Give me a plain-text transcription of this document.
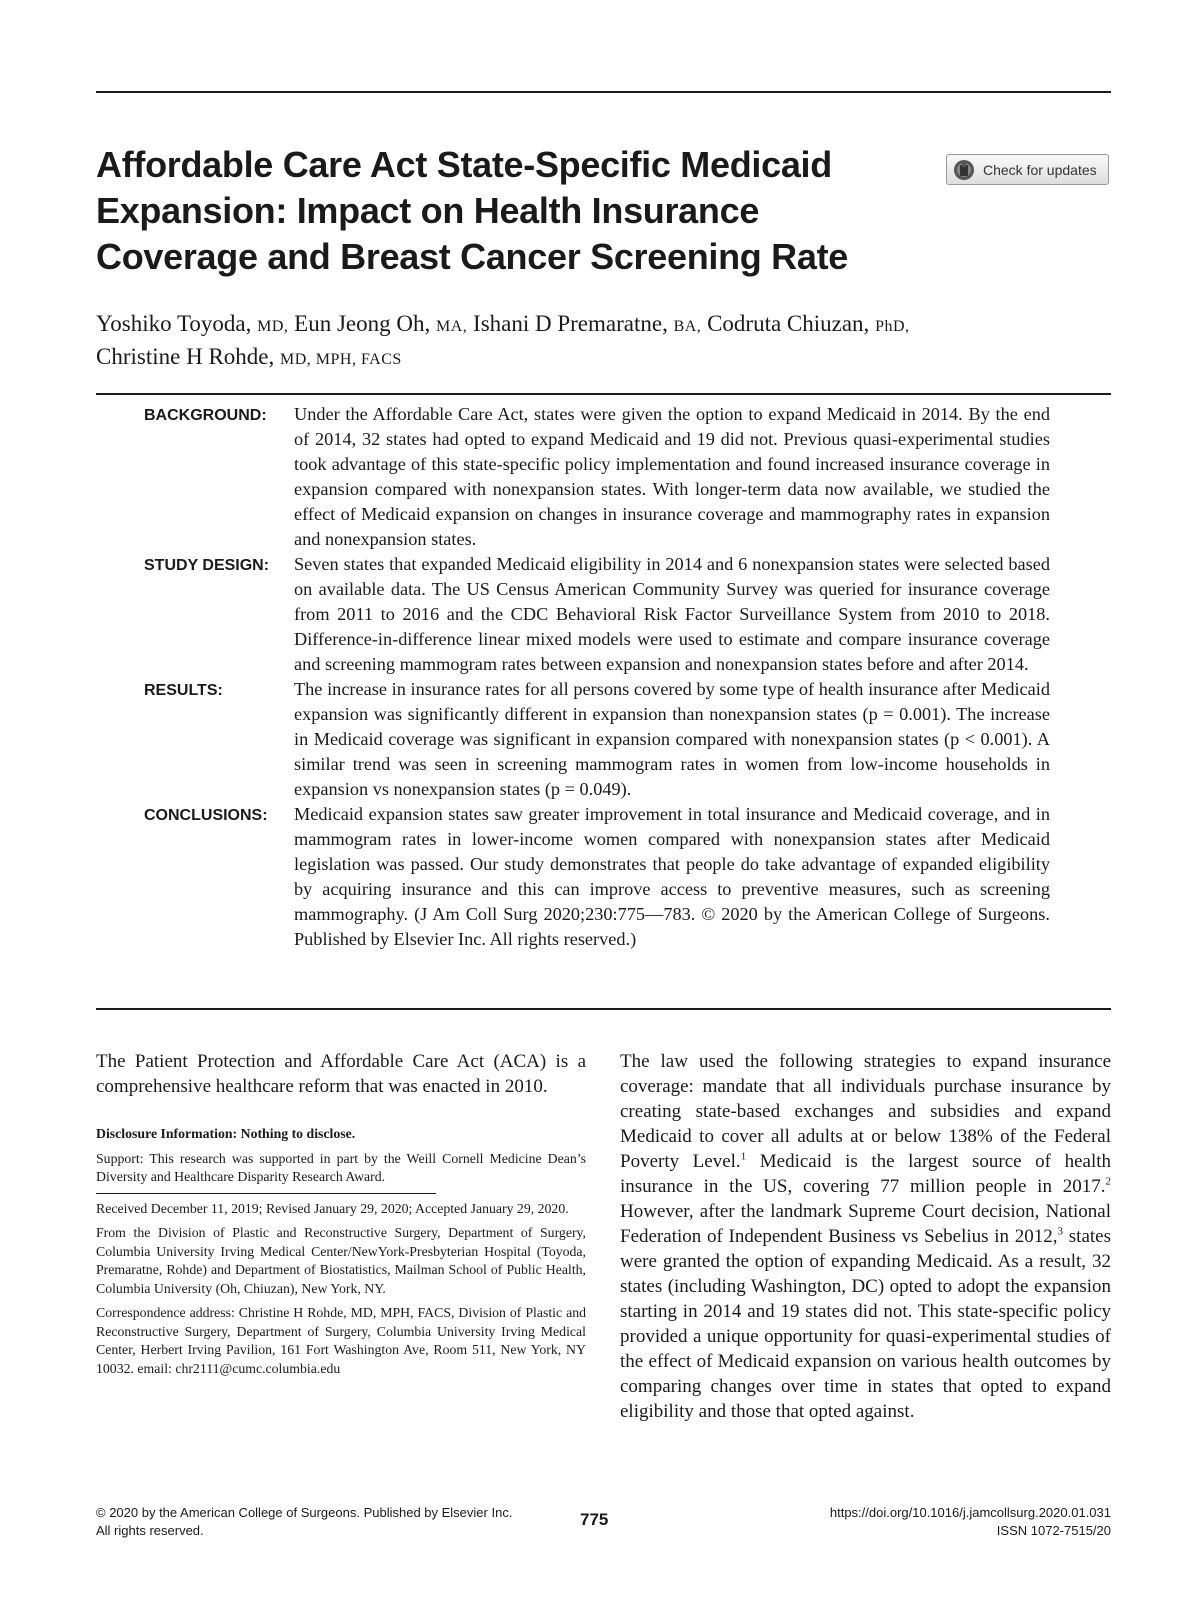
Affordable Care Act State-Specific Medicaid Expansion: Impact on Health Insurance Coverage and Breast Cancer Screening Rate
Check for updates
Yoshiko Toyoda, MD, Eun Jeong Oh, MA, Ishani D Premaratne, BA, Codruta Chiuzan, PhD,
Christine H Rohde, MD, MPH, FACS
BACKGROUND:	Under the Affordable Care Act, states were given the option to expand Medicaid in 2014. By the end of 2014, 32 states had opted to expand Medicaid and 19 did not. Previous quasi-experimental studies took advantage of this state-specific policy implementation and found increased insurance coverage in expansion compared with nonexpansion states. With longer-term data now available, we studied the effect of Medicaid expansion on changes in insurance coverage and mammography rates in expansion and nonexpansion states.
STUDY DESIGN:	Seven states that expanded Medicaid eligibility in 2014 and 6 nonexpansion states were selected based on available data. The US Census American Community Survey was queried for insurance coverage from 2011 to 2016 and the CDC Behavioral Risk Factor Surveillance System from 2010 to 2018. Difference-in-difference linear mixed models were used to estimate and compare insurance coverage and screening mammogram rates between expansion and nonexpansion states before and after 2014.
RESULTS:	The increase in insurance rates for all persons covered by some type of health insurance after Medicaid expansion was significantly different in expansion than nonexpansion states (p = 0.001). The increase in Medicaid coverage was significant in expansion compared with nonexpansion states (p < 0.001). A similar trend was seen in screening mammogram rates in women from low-income households in expansion vs nonexpansion states (p = 0.049).
CONCLUSIONS:	Medicaid expansion states saw greater improvement in total insurance and Medicaid coverage, and in mammogram rates in lower-income women compared with nonexpansion states after Medicaid legislation was passed. Our study demonstrates that people do take advantage of expanded eligibility by acquiring insurance and this can improve access to preventive measures, such as screening mammography. (J Am Coll Surg 2020;230:775—783. © 2020 by the American College of Surgeons. Published by Elsevier Inc. All rights reserved.)

The Patient Protection and Affordable Care Act (ACA) is a comprehensive healthcare reform that was enacted in 2010.

Disclosure Information: Nothing to disclose.

Support: This research was supported in part by the Weill Cornell Medicine Dean’s Diversity and Healthcare Disparity Research Award.

Received December 11, 2019; Revised January 29, 2020; Accepted January 29, 2020.

From the Division of Plastic and Reconstructive Surgery, Department of Surgery, Columbia University Irving Medical Center/NewYork-Presbyterian Hospital (Toyoda, Premaratne, Rohde) and Department of Biostatistics, Mailman School of Public Health, Columbia University (Oh, Chiuzan), New York, NY.

Correspondence address: Christine H Rohde, MD, MPH, FACS, Division of Plastic and Reconstructive Surgery, Department of Surgery, Columbia University Irving Medical Center, Herbert Irving Pavilion, 161 Fort Washington Ave, Room 511, New York, NY 10032. email: chr2111@cumc.columbia.edu

The law used the following strategies to expand insurance coverage: mandate that all individuals purchase insurance by creating state-based exchanges and subsidies and expand Medicaid to cover all adults at or below 138% of the Federal Poverty Level.$^1$ Medicaid is the largest source of health insurance in the US, covering 77 million people in 2017.$^2$ However, after the landmark Supreme Court decision, National Federation of Independent Business vs Sebelius in 2012,$^3$ states were granted the option of expanding Medicaid. As a result, 32 states (including Washington, DC) opted to adopt the expansion starting in 2014 and 19 states did not. This state-specific policy provided a unique opportunity for quasi-experimental studies of the effect of Medicaid expansion on various health outcomes by comparing changes over time in states that opted to expand eligibility and those that opted against.

© 2020 by the American College of Surgeons. Published by Elsevier Inc.
All rights reserved.
775	https://doi.org/10.1016/j.jamcollsurg.2020.01.031
ISSN 1072-7515/20
